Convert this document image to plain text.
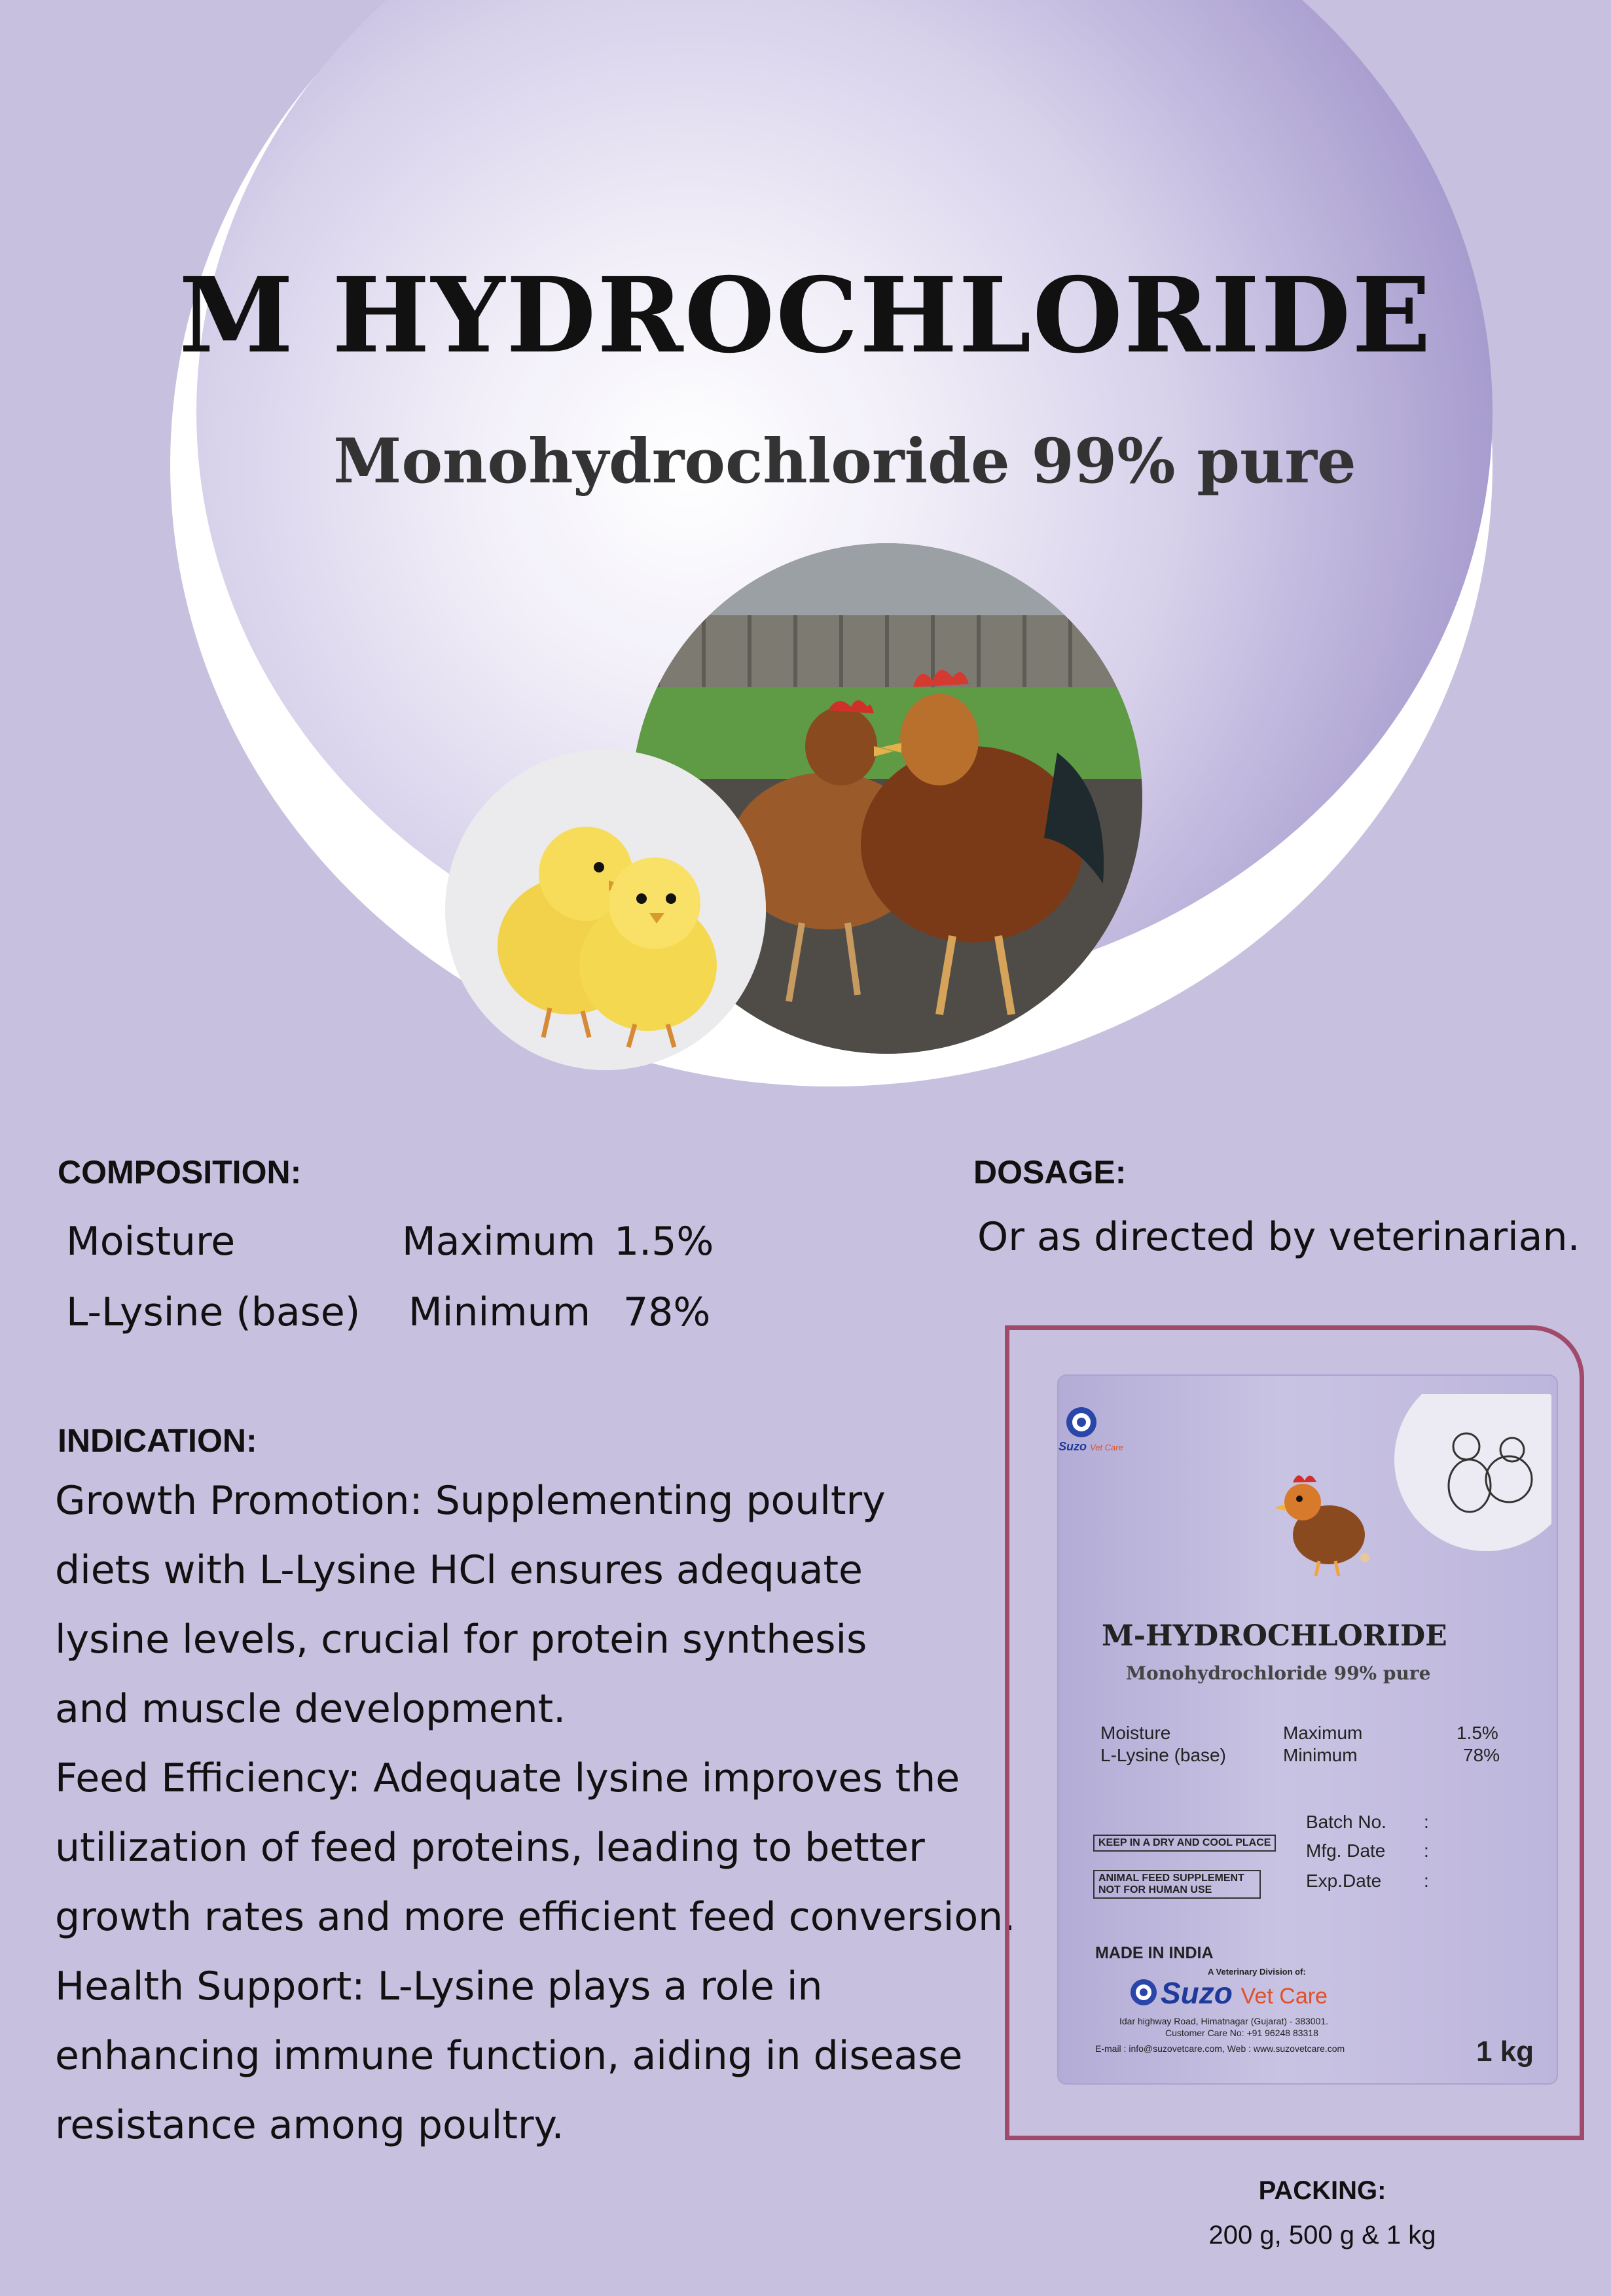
M HYDROCHLORIDE
Monohydrochloride 99% pure
COMPOSITION:
Moisture	Maximum 1.5%
L-Lysine (base) Minimum 78%
DOSAGE:
Or as directed by veterinarian.
INDICATION:
Growth Promotion: Supplementing poultry
diets with L-Lysine HCl ensures adequate
lysine levels, crucial for protein synthesis
and muscle development.
Feed Efficiency: Adequate lysine improves the
utilization of feed proteins, leading to better
growth rates and more efficient feed conversion.
Health Support: L-Lysine plays a role in
enhancing immune function, aiding in disease
resistance among poultry.
Suzo Vet Care
M-HYDROCHLORIDE
Monohydrochloride 99% pure
Moisture	Maximum	1.5%
L-Lysine (base)	Minimum	78%
KEEP IN A DRY AND COOL PLACE
ANIMAL FEED SUPPLEMENT
NOT FOR HUMAN USE
Batch No. :
Mfg. Date :
Exp.Date :
MADE IN INDIA
A Veterinary Division of:
Suzo Vet Care
Idar highway Road, Himatnagar (Gujarat) - 383001.
Customer Care No: +91 96248 83318
E-mail : info@suzovetcare.com, Web : www.suzovetcare.com	1 kg
PACKING:
200 g, 500 g & 1 kg
